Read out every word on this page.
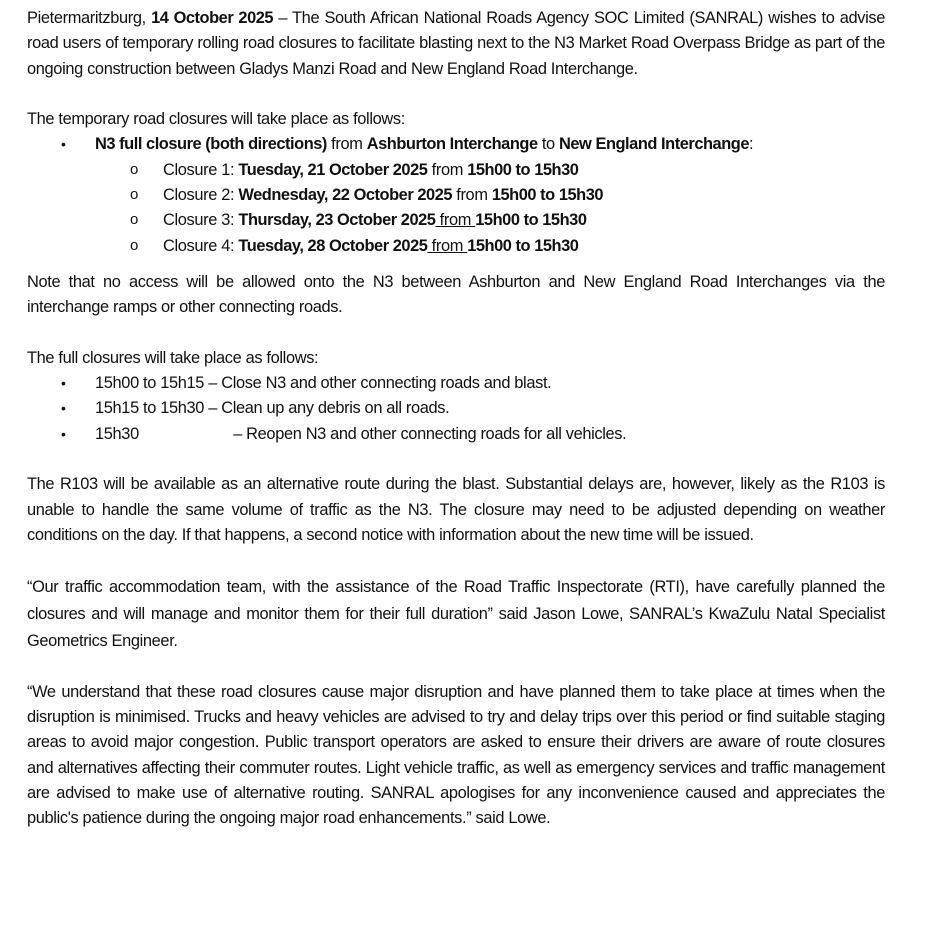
Pietermaritzburg, 14 October 2025 – The South African National Roads Agency SOC Limited (SANRAL) wishes to advise road users of temporary rolling road closures to facilitate blasting next to the N3 Market Road Overpass Bridge as part of the ongoing construction between Gladys Manzi Road and New England Road Interchange.

The temporary road closures will take place as follows:

• N3 full closure (both directions) from Ashburton Interchange to New England Interchange:
o Closure 1: Tuesday, 21 October 2025 from 15h00 to 15h30
o Closure 2: Wednesday, 22 October 2025 from 15h00 to 15h30
o Closure 3: Thursday, 23 October 2025 from 15h00 to 15h30
o Closure 4: Tuesday, 28 October 2025 from 15h00 to 15h30

Note that no access will be allowed onto the N3 between Ashburton and New England Road Interchanges via the interchange ramps or other connecting roads.

The full closures will take place as follows:

• 15h00 to 15h15 – Close N3 and other connecting roads and blast.
• 15h15 to 15h30 – Clean up any debris on all roads.
• 15h30	– Reopen N3 and other connecting roads for all vehicles.

The R103 will be available as an alternative route during the blast. Substantial delays are, however, likely as the R103 is unable to handle the same volume of traffic as the N3. The closure may need to be adjusted depending on weather conditions on the day. If that happens, a second notice with information about the new time will be issued.

“Our traffic accommodation team, with the assistance of the Road Traffic Inspectorate (RTI), have carefully planned the closures and will manage and monitor them for their full duration” said Jason Lowe, SANRAL’s KwaZulu Natal Specialist Geometrics Engineer.

“We understand that these road closures cause major disruption and have planned them to take place at times when the disruption is minimised. Trucks and heavy vehicles are advised to try and delay trips over this period or find suitable staging areas to avoid major congestion. Public transport operators are asked to ensure their drivers are aware of route closures and alternatives affecting their commuter routes. Light vehicle traffic, as well as emergency services and traffic management are advised to make use of alternative routing. SANRAL apologises for any inconvenience caused and appreciates the public's patience during the ongoing major road enhancements.” said Lowe.
